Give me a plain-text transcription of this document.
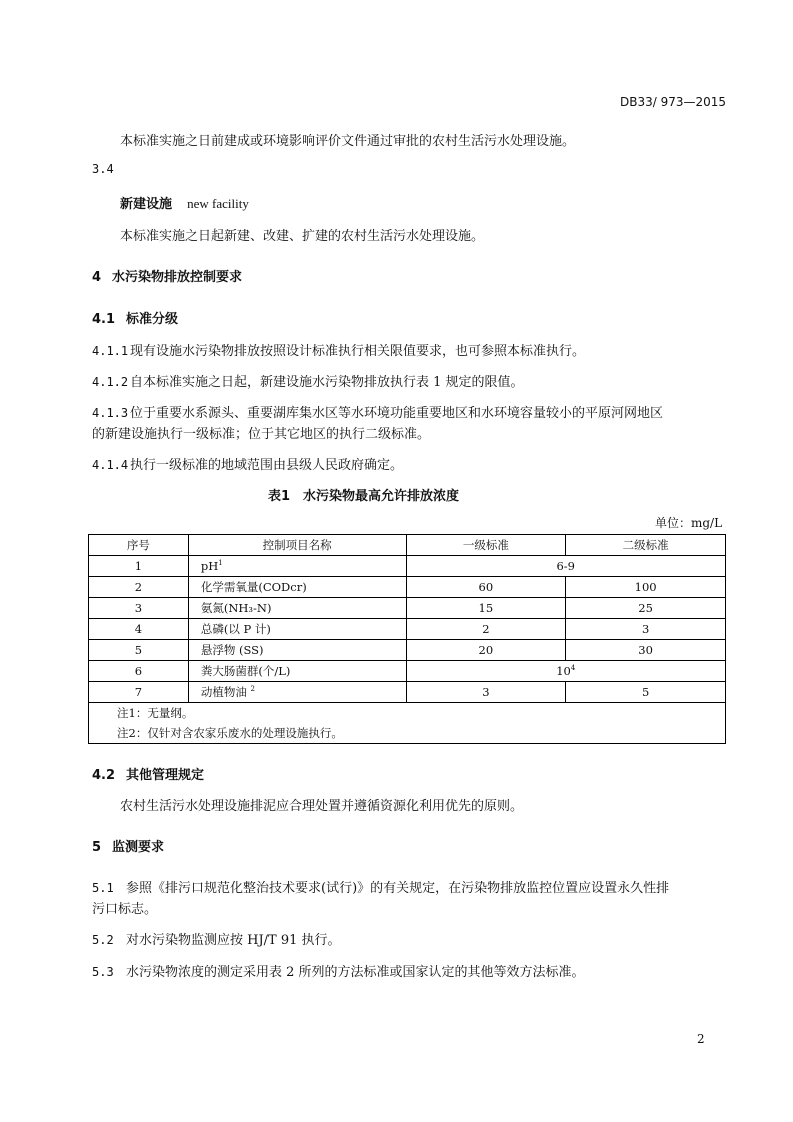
DB33/ 973—2015
本标准实施之日前建成或环境影响评价文件通过审批的农村生活污水处理设施。
3.4
新建设施 new facility
本标准实施之日起新建、改建、扩建的农村生活污水处理设施。
4 水污染物排放控制要求
4.1 标准分级
4.1.1 现有设施水污染物排放按照设计标准执行相关限值要求，也可参照本标准执行。
4.1.2 自本标准实施之日起，新建设施水污染物排放执行表 1 规定的限值。
4.1.3 位于重要水系源头、重要湖库集水区等水环境功能重要地区和水环境容量较小的平原河网地区
的新建设施执行一级标准；位于其它地区的执行二级标准。
4.1.4 执行一级标准的地域范围由县级人民政府确定。
表1　水污染物最高允许排放浓度
单位：mg/L
序号	控制项目名称	一级标准	二级标准
1	$pH^1$	6-9	
2	化学需氧量(CODcr)	60	100
3	氨氮(NH₃-N)	15	25
4	总磷(以 P 计)	2	3
5	悬浮物 (SS)	20	30
6	粪大肠菌群(个/L)	$10^4$
7	动植物油 $^2$	3	5
注1：无量纲。			
注2：仅针对含农家乐废水的处理设施执行。			
4.2 其他管理规定
农村生活污水处理设施排泥应合理处置并遵循资源化利用优先的原则。
5 监测要求
5.1 参照《排污口规范化整治技术要求(试行)》的有关规定，在污染物排放监控位置应设置永久性排
污口标志。
5.2 对水污染物监测应按 HJ/T 91 执行。
5.3 水污染物浓度的测定采用表 2 所列的方法标准或国家认定的其他等效方法标准。
2
